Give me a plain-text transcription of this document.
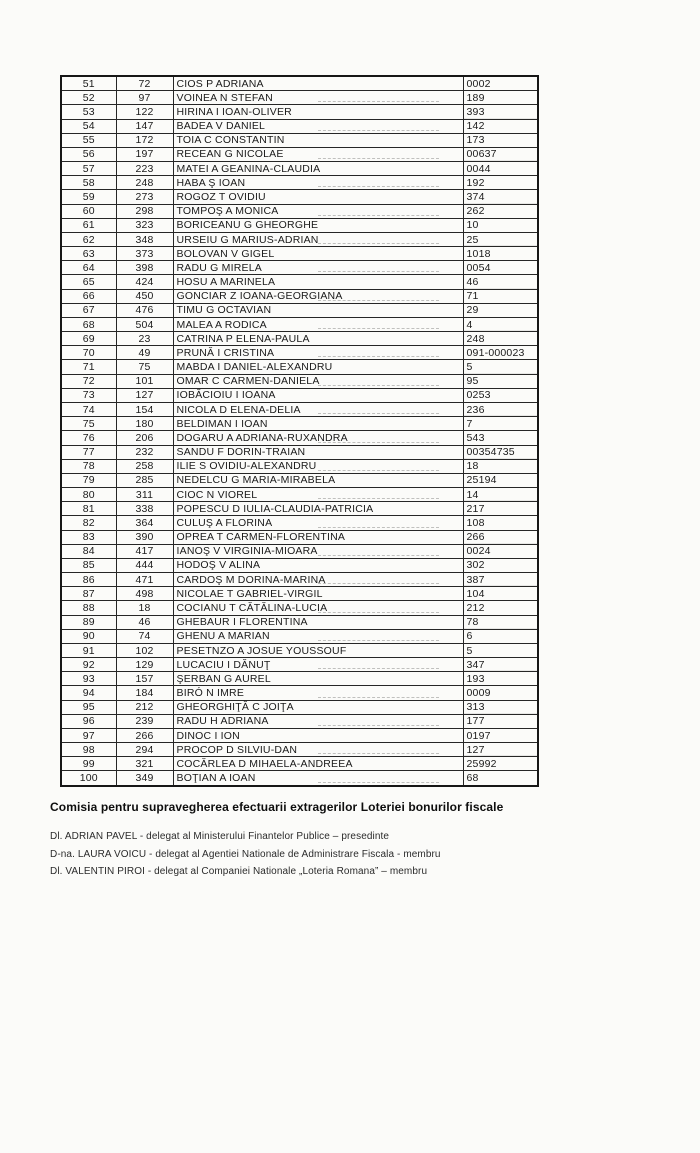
51	72	CIOS P ADRIANA	0002
52	97	VOINEA N STEFAN	189
53	122	HIRINA I IOAN-OLIVER	393
54	147	BADEA V DANIEL	142
55	172	TOIA C CONSTANTIN	173
56	197	RECEAN G NICOLAE	00637
57	223	MATEI A GEANINA-CLAUDIA	0044
58	248	HABA Ş IOAN	192
59	273	ROGOZ T OVIDIU	374
60	298	TOMPOŞ A MONICA	262
61	323	BORICEANU G GHEORGHE	10
62	348	URSEIU G MARIUS-ADRIAN	25
63	373	BOLOVAN V GIGEL	1018
64	398	RADU G MIRELA	0054
65	424	HOSU A MARINELA	46
66	450	GONCIAR Z IOANA-GEORGIANA	71
67	476	TIMU G OCTAVIAN	29
68	504	MALEA A RODICA	4
69	23	CATRINA P ELENA-PAULA	248
70	49	PRUNĂ I CRISTINA	091-000023
71	75	MABDA I DANIEL-ALEXANDRU	5
72	101	OMAR C CARMEN-DANIELA	95
73	127	IOBĂCIOIU I IOANA	0253
74	154	NICOLA D ELENA-DELIA	236
75	180	BELDIMAN I IOAN	7
76	206	DOGARU A ADRIANA-RUXANDRA	543
77	232	SANDU F DORIN-TRAIAN	00354735
78	258	ILIE S OVIDIU-ALEXANDRU	18
79	285	NEDELCU G MARIA-MIRABELA	25194
80	311	CIOC N VIOREL	14
81	338	POPESCU D IULIA-CLAUDIA-PATRICIA	217
82	364	CULUŞ A FLORINA	108
83	390	OPREA T CARMEN-FLORENTINA	266
84	417	IANOŞ V VIRGINIA-MIOARA	0024
85	444	HODOŞ V ALINA	302
86	471	CARDOŞ M DORINA-MARINA	387
87	498	NICOLAE T GABRIEL-VIRGIL	104
88	18	COCIANU T CĂTĂLINA-LUCIA	212
89	46	GHEBAUR I FLORENTINA	78
90	74	GHENU A MARIAN	6
91	102	PESETNZO A JOSUE YOUSSOUF	5
92	129	LUCACIU I DĂNUŢ	347
93	157	ŞERBAN G AUREL	193
94	184	BIRÓ N IMRE	0009
95	212	GHEORGHIŢĂ C JOIŢA	313
96	239	RADU H ADRIANA	177
97	266	DINOC I ION	0197
98	294	PROCOP D SILVIU-DAN	127
99	321	COCĂRLEA D MIHAELA-ANDREEA	25992
100	349	BOŢIAN A IOAN	68
Comisia pentru supravegherea efectuarii extragerilor Loteriei bonurilor fiscale
Dl. ADRIAN PAVEL - delegat al Ministerului Finantelor Publice – presedinte
D-na. LAURA VOICU - delegat al Agentiei Nationale de Administrare Fiscala - membru
Dl. VALENTIN PIROI - delegat al Companiei Nationale „Loteria Romana” – membru
